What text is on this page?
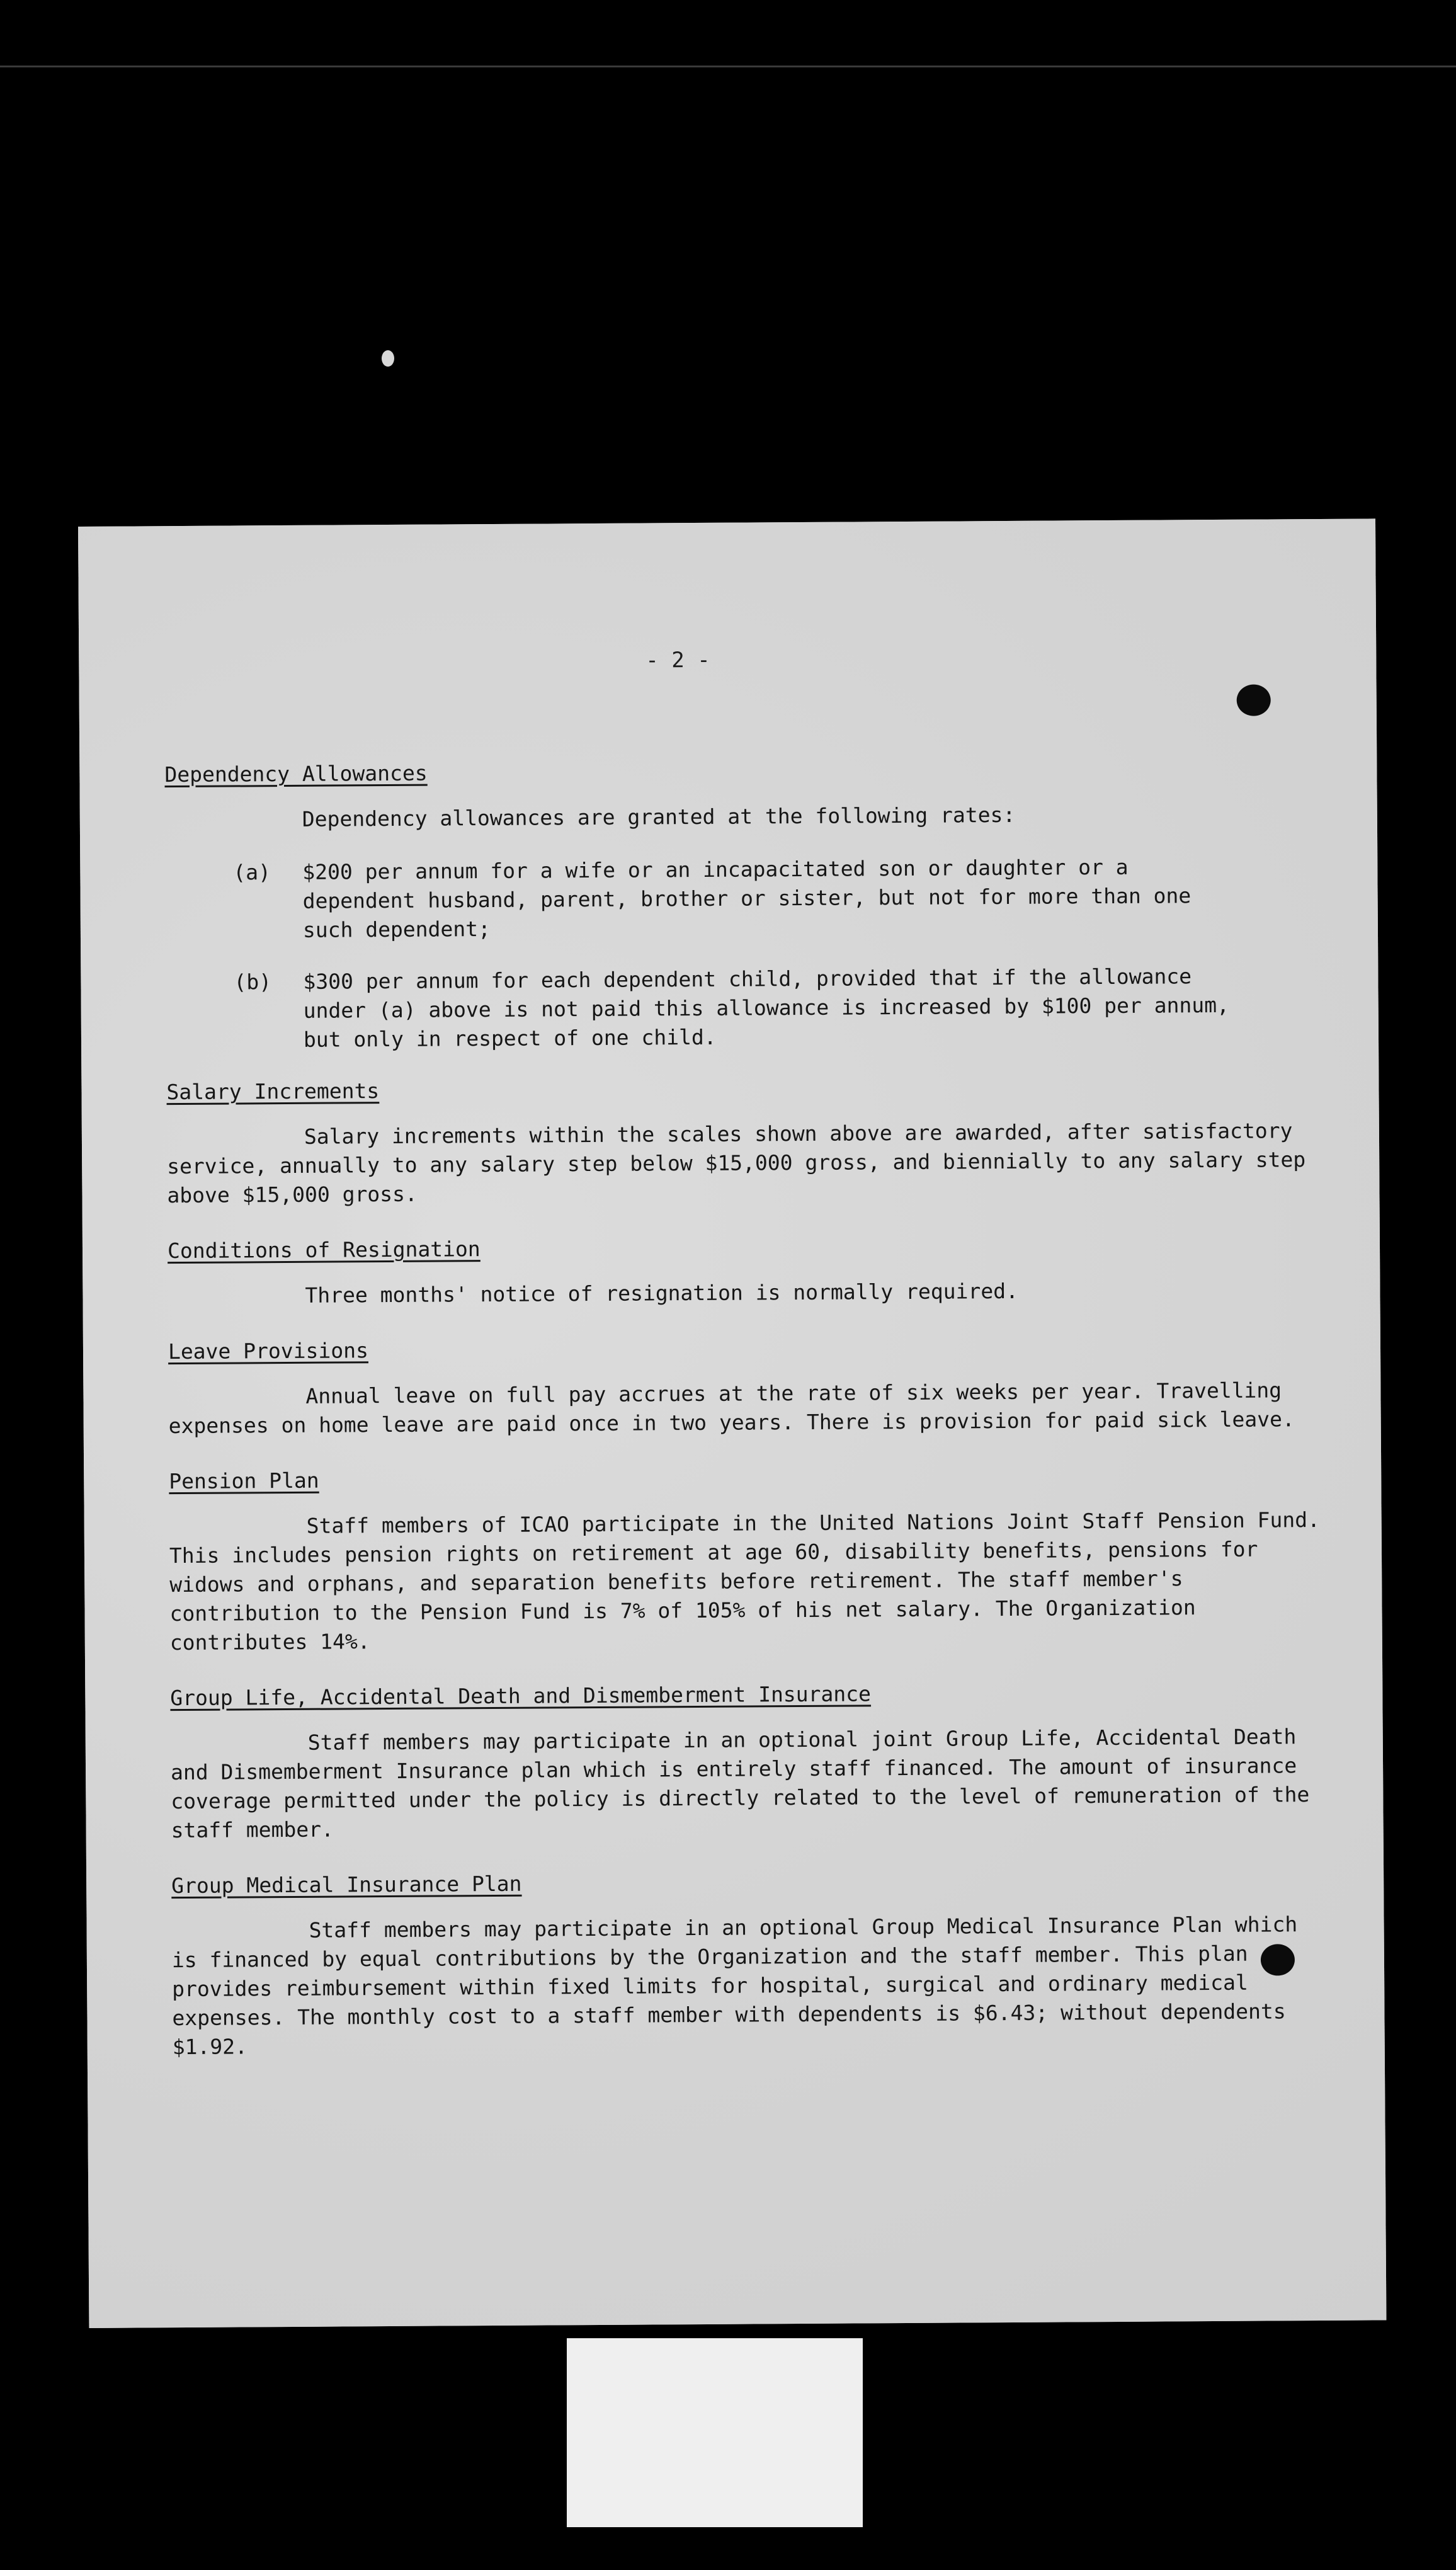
- 2 -
Dependency Allowances
Dependency allowances are granted at the following rates:
(a)	$200 per annum for a wife or an incapacitated son or daughter or a dependent husband, parent, brother or sister, but not for more than one such dependent;
(b)	$300 per annum for each dependent child, provided that if the allowance under (a) above is not paid this allowance is increased by $100 per annum, but only in respect of one child.
Salary Increments
Salary increments within the scales shown above are awarded, after satisfactory service, annually to any salary step below $15,000 gross, and biennially to any salary step above $15,000 gross.
Conditions of Resignation
Three months' notice of resignation is normally required.
Leave Provisions
Annual leave on full pay accrues at the rate of six weeks per year. Travelling expenses on home leave are paid once in two years. There is provision for paid sick leave.
Pension Plan
Staff members of ICAO participate in the United Nations Joint Staff Pension Fund. This includes pension rights on retirement at age 60, disability benefits, pensions for widows and orphans, and separation benefits before retirement. The staff member's contribution to the Pension Fund is 7% of 105% of his net salary. The Organization contributes 14%.
Group Life, Accidental Death and Dismemberment Insurance
Staff members may participate in an optional joint Group Life, Accidental Death and Dismemberment Insurance plan which is entirely staff financed. The amount of insurance coverage permitted under the policy is directly related to the level of remuneration of the staff member.
Group Medical Insurance Plan
Staff members may participate in an optional Group Medical Insurance Plan which is financed by equal contributions by the Organization and the staff member. This plan provides reimbursement within fixed limits for hospital, surgical and ordinary medical expenses. The monthly cost to a staff member with dependents is $6.43; without dependents $1.92.
